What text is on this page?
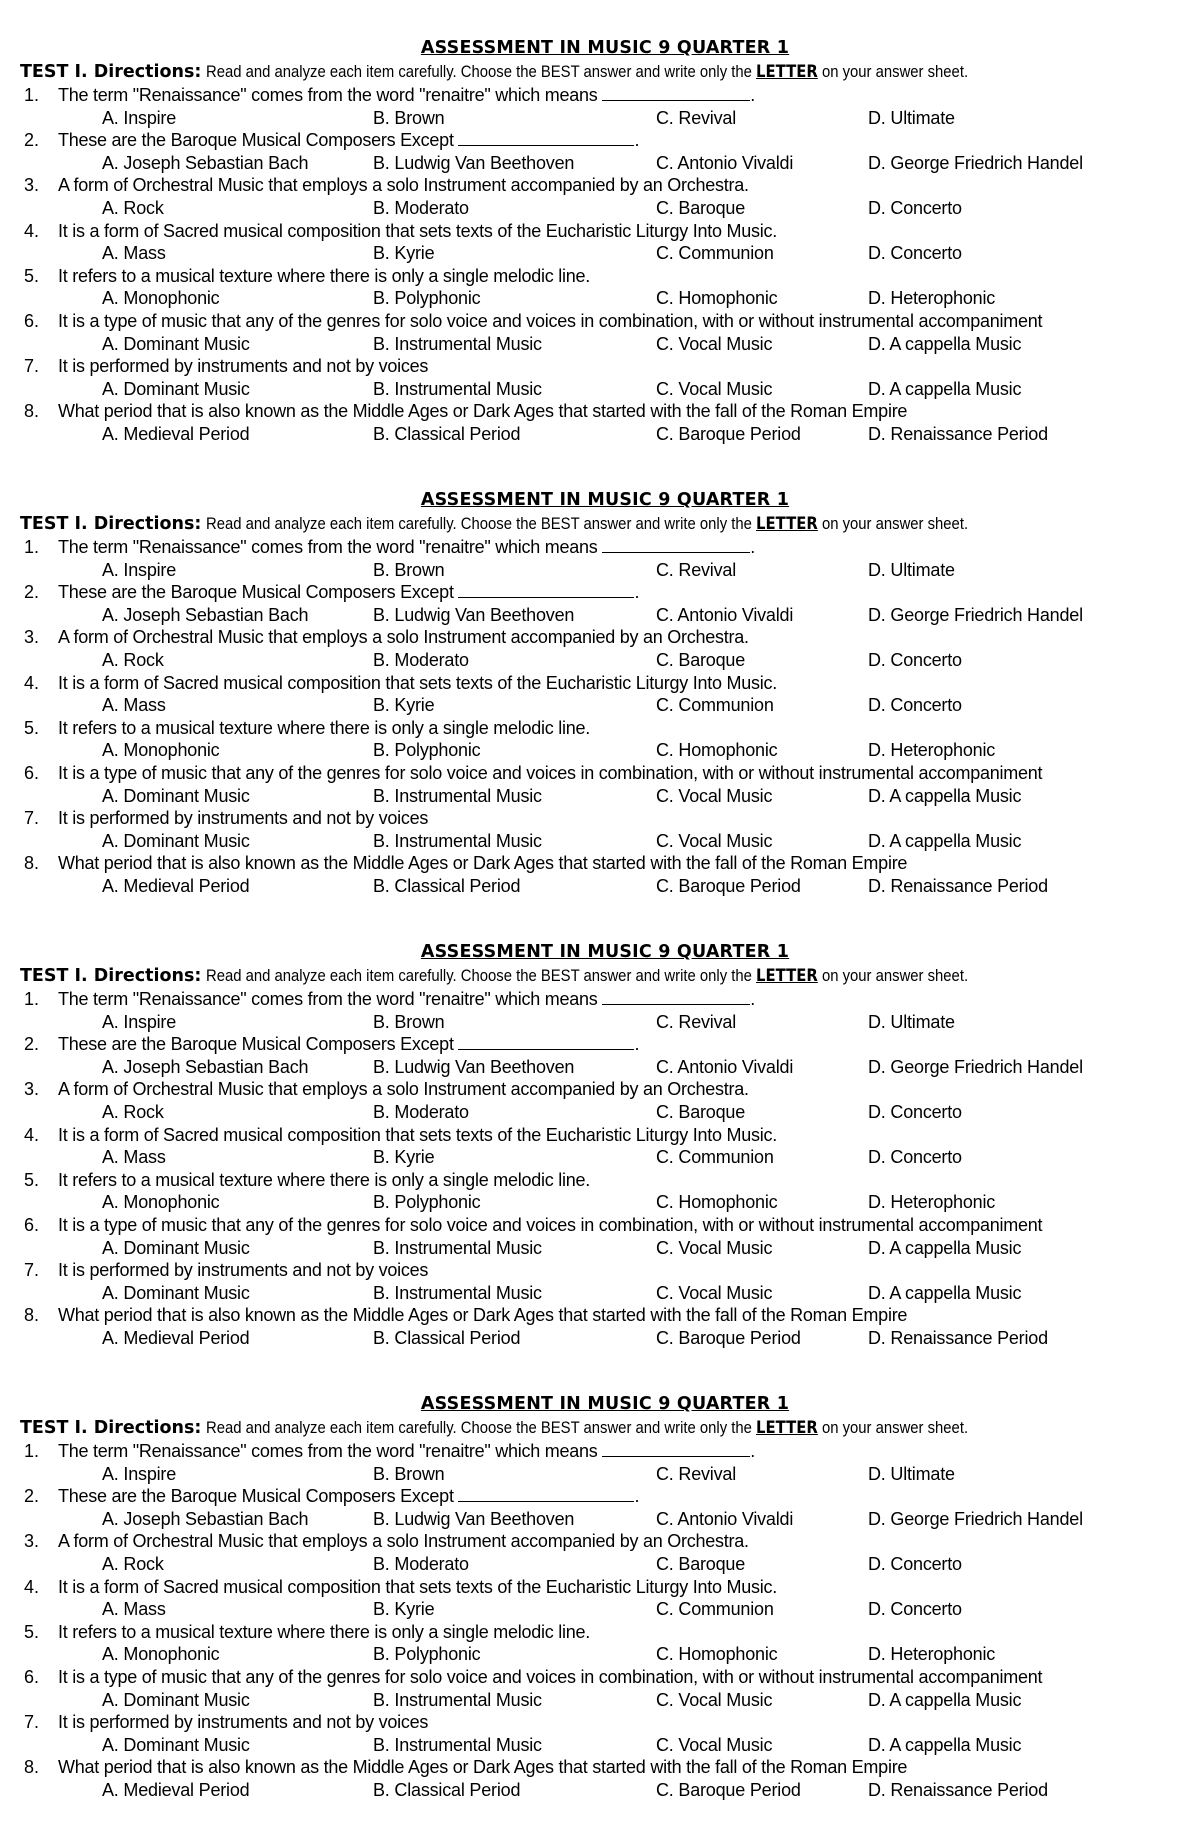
ASSESSMENT IN MUSIC 9 QUARTER 1
TEST I. Directions: Read and analyze each item carefully. Choose the BEST answer and write only the LETTER on your answer sheet.
1.	The term "Renaissance" comes from the word "renaitre" which means	.
A. Inspire	B. Brown	C. Revival	D. Ultimate
2.	These are the Baroque Musical Composers Except	.
A. Joseph Sebastian Bach	B. Ludwig Van Beethoven	C. Antonio Vivaldi	D. George Friedrich Handel
3.	A form of Orchestral Music that employs a solo Instrument accompanied by an Orchestra.
A. Rock	B. Moderato	C. Baroque	D. Concerto
4.	It is a form of Sacred musical composition that sets texts of the Eucharistic Liturgy Into Music.
A. Mass	B. Kyrie	C. Communion	D. Concerto
5.	It refers to a musical texture where there is only a single melodic line.
A. Monophonic	B. Polyphonic	C. Homophonic	D. Heterophonic
6.	It is a type of music that any of the genres for solo voice and voices in combination, with or without instrumental accompaniment
A. Dominant Music	B. Instrumental Music	C. Vocal Music	D. A cappella Music
7.	It is performed by instruments and not by voices
A. Dominant Music	B. Instrumental Music	C. Vocal Music	D. A cappella Music
8.	What period that is also known as the Middle Ages or Dark Ages that started with the fall of the Roman Empire
A. Medieval Period	B. Classical Period	C. Baroque Period	D. Renaissance Period
ASSESSMENT IN MUSIC 9 QUARTER 1
TEST I. Directions: Read and analyze each item carefully. Choose the BEST answer and write only the LETTER on your answer sheet.
1.	The term "Renaissance" comes from the word "renaitre" which means	.
A. Inspire	B. Brown	C. Revival	D. Ultimate
2.	These are the Baroque Musical Composers Except	.
A. Joseph Sebastian Bach	B. Ludwig Van Beethoven	C. Antonio Vivaldi	D. George Friedrich Handel
3.	A form of Orchestral Music that employs a solo Instrument accompanied by an Orchestra.
A. Rock	B. Moderato	C. Baroque	D. Concerto
4.	It is a form of Sacred musical composition that sets texts of the Eucharistic Liturgy Into Music.
A. Mass	B. Kyrie	C. Communion	D. Concerto
5.	It refers to a musical texture where there is only a single melodic line.
A. Monophonic	B. Polyphonic	C. Homophonic	D. Heterophonic
6.	It is a type of music that any of the genres for solo voice and voices in combination, with or without instrumental accompaniment
A. Dominant Music	B. Instrumental Music	C. Vocal Music	D. A cappella Music
7.	It is performed by instruments and not by voices
A. Dominant Music	B. Instrumental Music	C. Vocal Music	D. A cappella Music
8.	What period that is also known as the Middle Ages or Dark Ages that started with the fall of the Roman Empire
A. Medieval Period	B. Classical Period	C. Baroque Period	D. Renaissance Period
ASSESSMENT IN MUSIC 9 QUARTER 1
TEST I. Directions: Read and analyze each item carefully. Choose the BEST answer and write only the LETTER on your answer sheet.
1.	The term "Renaissance" comes from the word "renaitre" which means	.
A. Inspire	B. Brown	C. Revival	D. Ultimate
2.	These are the Baroque Musical Composers Except	.
A. Joseph Sebastian Bach	B. Ludwig Van Beethoven	C. Antonio Vivaldi	D. George Friedrich Handel
3.	A form of Orchestral Music that employs a solo Instrument accompanied by an Orchestra.
A. Rock	B. Moderato	C. Baroque	D. Concerto
4.	It is a form of Sacred musical composition that sets texts of the Eucharistic Liturgy Into Music.
A. Mass	B. Kyrie	C. Communion	D. Concerto
5.	It refers to a musical texture where there is only a single melodic line.
A. Monophonic	B. Polyphonic	C. Homophonic	D. Heterophonic
6.	It is a type of music that any of the genres for solo voice and voices in combination, with or without instrumental accompaniment
A. Dominant Music	B. Instrumental Music	C. Vocal Music	D. A cappella Music
7.	It is performed by instruments and not by voices
A. Dominant Music	B. Instrumental Music	C. Vocal Music	D. A cappella Music
8.	What period that is also known as the Middle Ages or Dark Ages that started with the fall of the Roman Empire
A. Medieval Period	B. Classical Period	C. Baroque Period	D. Renaissance Period
ASSESSMENT IN MUSIC 9 QUARTER 1
TEST I. Directions: Read and analyze each item carefully. Choose the BEST answer and write only the LETTER on your answer sheet.
1.	The term "Renaissance" comes from the word "renaitre" which means	.
A. Inspire	B. Brown	C. Revival	D. Ultimate
2.	These are the Baroque Musical Composers Except	.
A. Joseph Sebastian Bach	B. Ludwig Van Beethoven	C. Antonio Vivaldi	D. George Friedrich Handel
3.	A form of Orchestral Music that employs a solo Instrument accompanied by an Orchestra.
A. Rock	B. Moderato	C. Baroque	D. Concerto
4.	It is a form of Sacred musical composition that sets texts of the Eucharistic Liturgy Into Music.
A. Mass	B. Kyrie	C. Communion	D. Concerto
5.	It refers to a musical texture where there is only a single melodic line.
A. Monophonic	B. Polyphonic	C. Homophonic	D. Heterophonic
6.	It is a type of music that any of the genres for solo voice and voices in combination, with or without instrumental accompaniment
A. Dominant Music	B. Instrumental Music	C. Vocal Music	D. A cappella Music
7.	It is performed by instruments and not by voices
A. Dominant Music	B. Instrumental Music	C. Vocal Music	D. A cappella Music
8.	What period that is also known as the Middle Ages or Dark Ages that started with the fall of the Roman Empire
A. Medieval Period	B. Classical Period	C. Baroque Period	D. Renaissance Period
